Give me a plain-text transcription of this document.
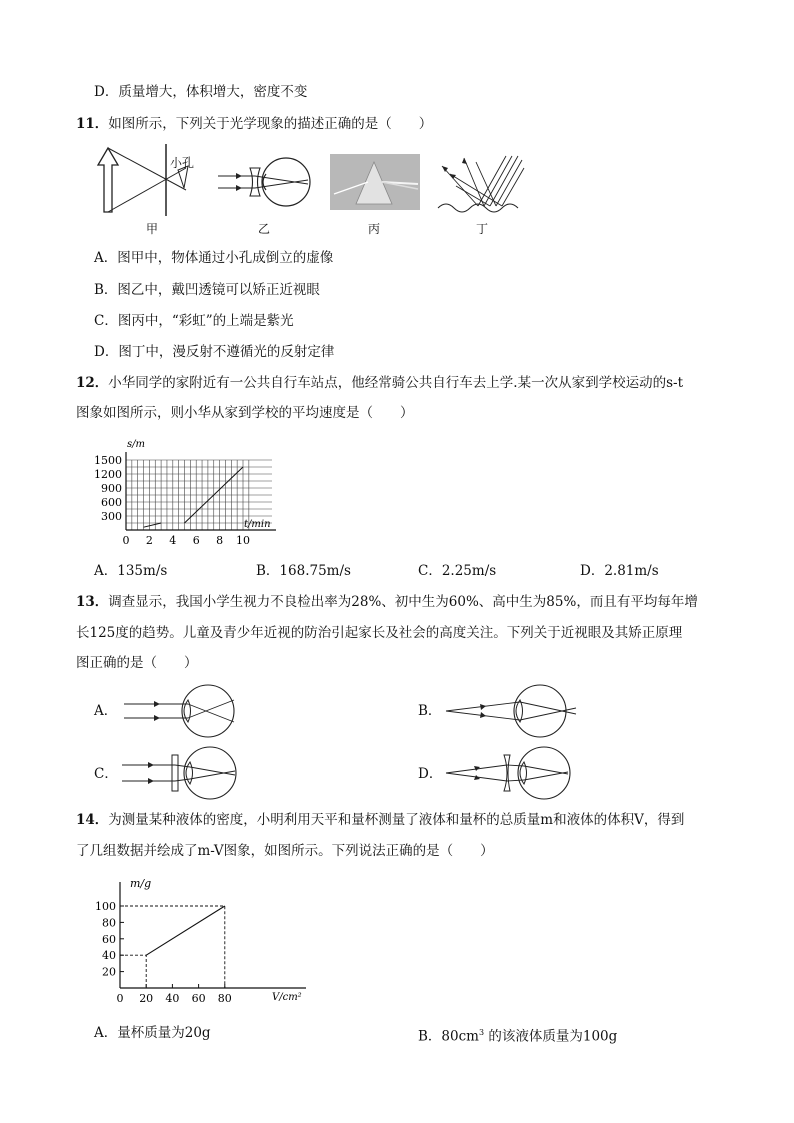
D．质量增大，体积增大，密度不变
11．如图所示，下列关于光学现象的描述正确的是（　　）
小孔
甲	乙	丙	丁
A．图甲中，物体通过小孔成倒立的虚像
B．图乙中，戴凹透镜可以矫正近视眼
C．图丙中，“彩虹”的上端是紫光
D．图丁中，漫反射不遵循光的反射定律
12．小华同学的家附近有一公共自行车站点，他经常骑公共自行车去上学.某一次从家到学校运动的s-t
图象如图所示，则小华从家到学校的平均速度是（　　）
s/m
t/min
1500
1200
900
600
300
0 2 4 6 8 10
A．135m/s	B．168.75m/s	C．2.25m/s	D．2.81m/s
13．调查显示，我国小学生视力不良检出率为28%、初中生为60%、高中生为85%，而且有平均每年增
长125度的趋势。儿童及青少年近视的防治引起家长及社会的高度关注。下列关于近视眼及其矫正原理
图正确的是（　　）
A．	B．
C．	D．
14．为测量某种液体的密度，小明利用天平和量杯测量了液体和量杯的总质量m和液体的体积V，得到
了几组数据并绘成了m-V图象，如图所示。下列说法正确的是（　　）
m/g
V/cm²
100
80
60
40
20
0 20 40 60 80
A．量杯质量为20g	B．$80cm^3$ 的该液体质量为100g
